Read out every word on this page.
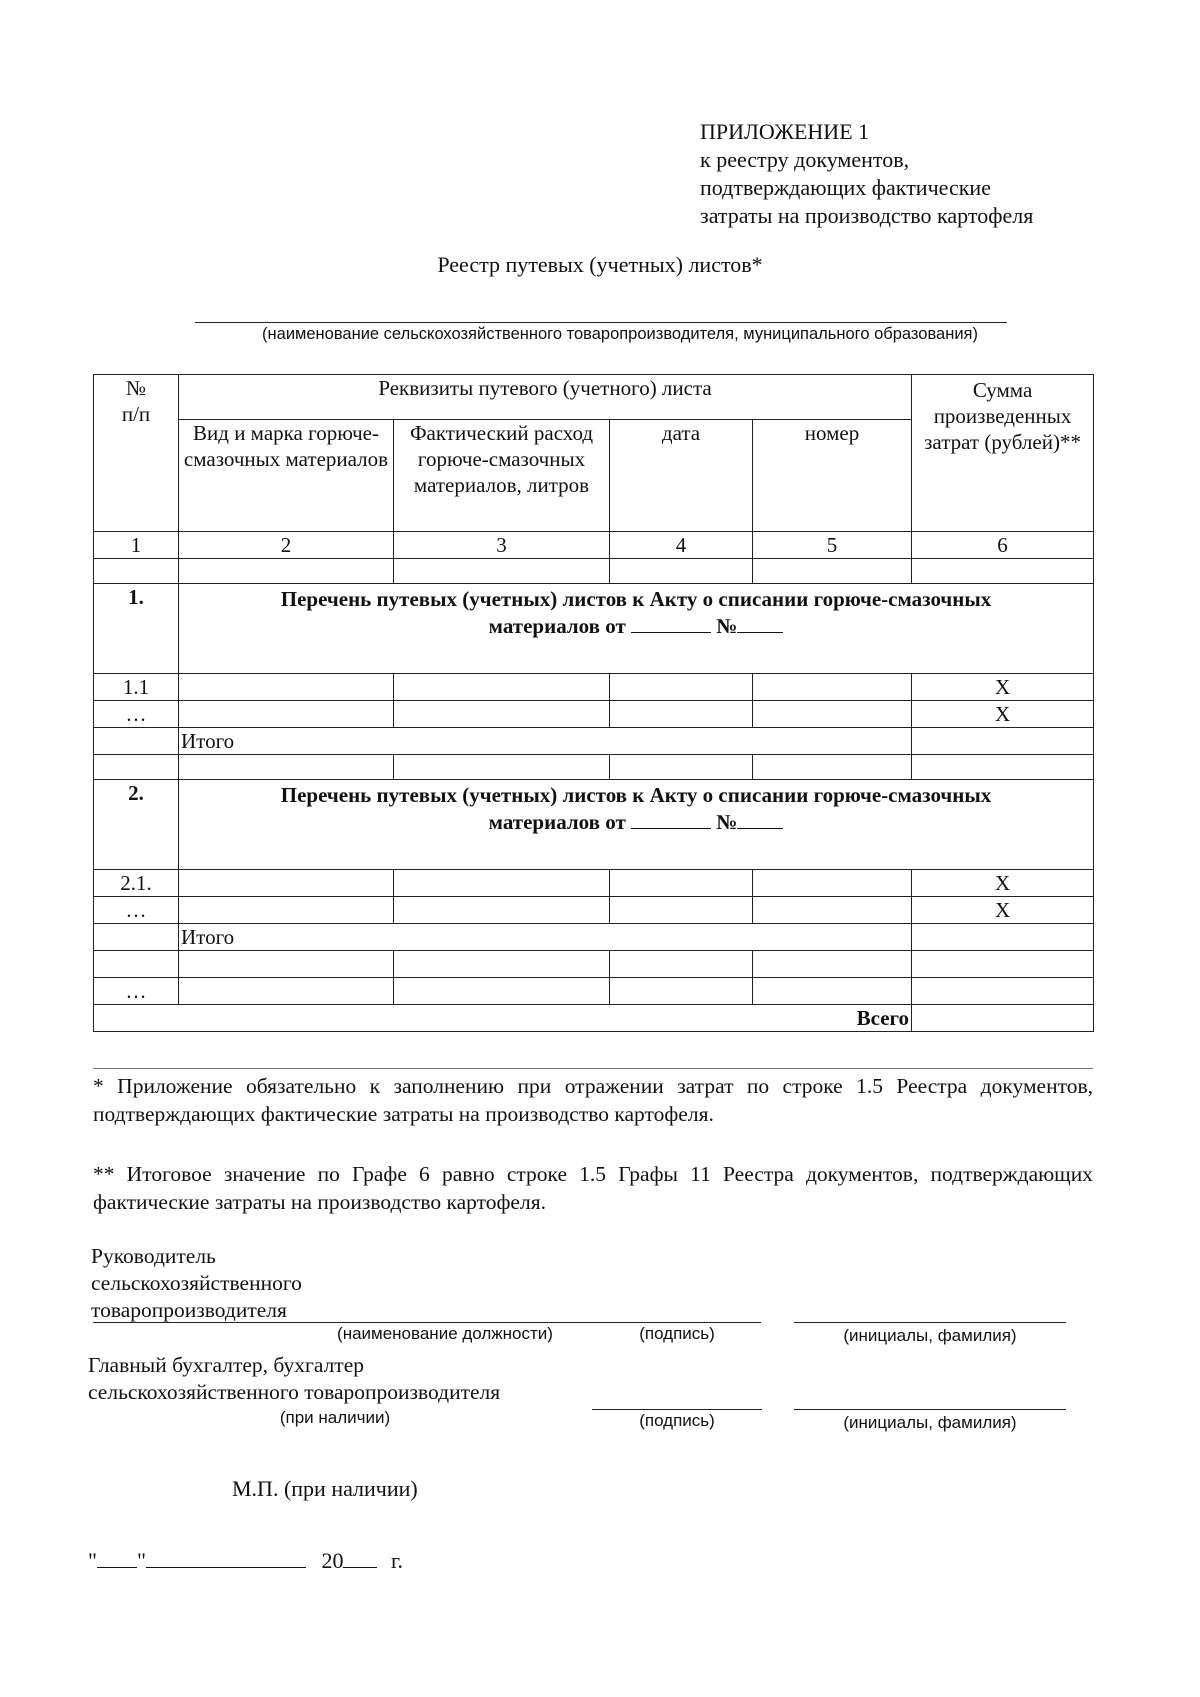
ПРИЛОЖЕНИЕ 1
к реестру документов,
подтверждающих фактические
затраты на производство картофеля
Реестр путевых (учетных) листов*
(наименование сельскохозяйственного товаропроизводителя, муниципального образования)
№ п/п	Реквизиты путевого (учетного) листа				Сумма произведенных затрат (рублей)**

	Вид и марка горюче-смазочных материалов	Фактический расход горюче-смазочных материалов, литров	дата	номер	
1	2	3	4	5	6

1.	Перечень путевых (учетных) листов к Акту о списании горюче-смазочных
материалов от №				
1.1					X
…					X
	Итого				

2.	Перечень путевых (учетных) листов к Акту о списании горюче-смазочных
материалов от №				
2.1.					X
…					X
	Итого				

…					
Всего					
* Приложение обязательно к заполнению при отражении затрат по строке 1.5 Реестра документов, подтверждающих фактические затраты на производство картофеля.
** Итоговое значение по Графе 6 равно строке 1.5 Графы 11 Реестра документов, подтверждающих фактические затраты на производство картофеля.
Руководитель
сельскохозяйственного
товаропроизводителя
(наименование должности)	(подпись)	(инициалы, фамилия)
Главный бухгалтер, бухгалтер
сельскохозяйственного товаропроизводителя
(при наличии)	(подпись)	(инициалы, фамилия)
М.П. (при наличии)
" "	20 г.
